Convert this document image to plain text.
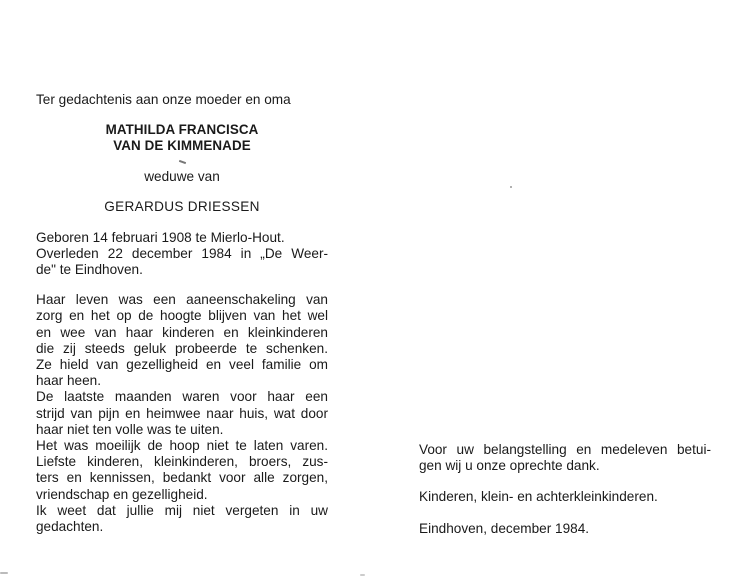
Ter gedachtenis aan onze moeder en oma

MATHILDA FRANCISCA

VAN DE KIMMENADE

weduwe van

GERARDUS DRIESSEN

Geboren 14 februari 1908 te Mierlo-Hout.
Overleden 22 december 1984 in „De Weer-
de" te Eindhoven.

Haar leven was een aaneenschakeling van
zorg en het op de hoogte blijven van het wel
en wee van haar kinderen en kleinkinderen
die zij steeds geluk probeerde te schenken.
Ze hield van gezelligheid en veel familie om
haar heen.
De laatste maanden waren voor haar een
strijd van pijn en heimwee naar huis, wat door
haar niet ten volle was te uiten.
Het was moeilijk de hoop niet te laten varen.
Liefste kinderen, kleinkinderen, broers, zus-
ters en kennissen, bedankt voor alle zorgen,
vriendschap en gezelligheid.
Ik weet dat jullie mij niet vergeten in uw
gedachten.

Voor uw belangstelling en medeleven betui-
gen wij u onze oprechte dank.

Kinderen, klein- en achterkleinkinderen.

Eindhoven, december 1984.
